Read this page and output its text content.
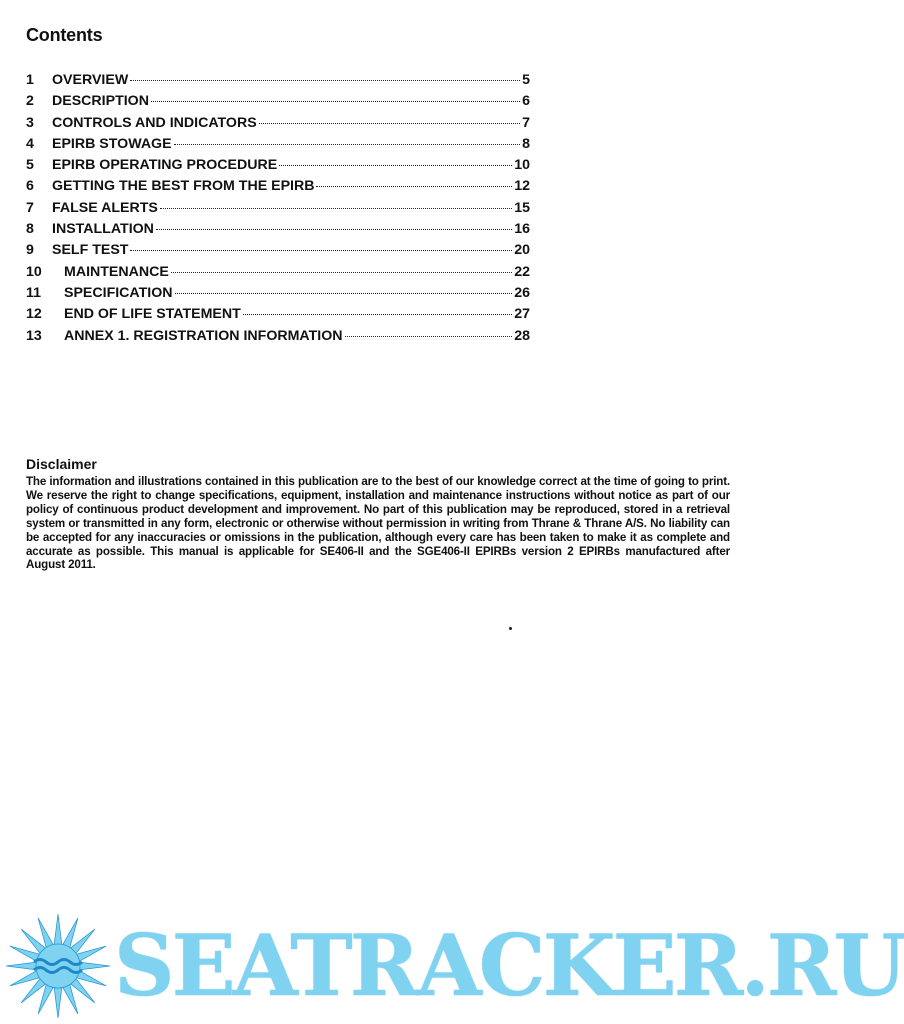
Contents
1	OVERVIEW	5
2	DESCRIPTION	6
3	CONTROLS AND INDICATORS	7
4	EPIRB STOWAGE	8
5	EPIRB OPERATING PROCEDURE	10
6	GETTING THE BEST FROM THE EPIRB	12
7	FALSE ALERTS	15
8	INSTALLATION	16
9	SELF TEST	20
10	MAINTENANCE	22
11	SPECIFICATION	26
12	END OF LIFE STATEMENT	27
13	ANNEX 1. REGISTRATION INFORMATION	28
Disclaimer

The information and illustrations contained in this publication are to the best of our knowledge correct at the time of going to print. We reserve the right to change specifications, equipment, installation and maintenance instructions without notice as part of our policy of continuous product development and improvement. No part of this publication may be reproduced, stored in a retrieval system or transmitted in any form, electronic or otherwise without permission in writing from Thrane & Thrane A/S. No liability can be accepted for any inaccuracies or omissions in the publication, although every care has been taken to make it as complete and accurate as possible. This manual is applicable for SE406-II and the SGE406-II EPIRBs version 2 EPIRBs manufactured after August 2011.

SEATRACKER.RU
